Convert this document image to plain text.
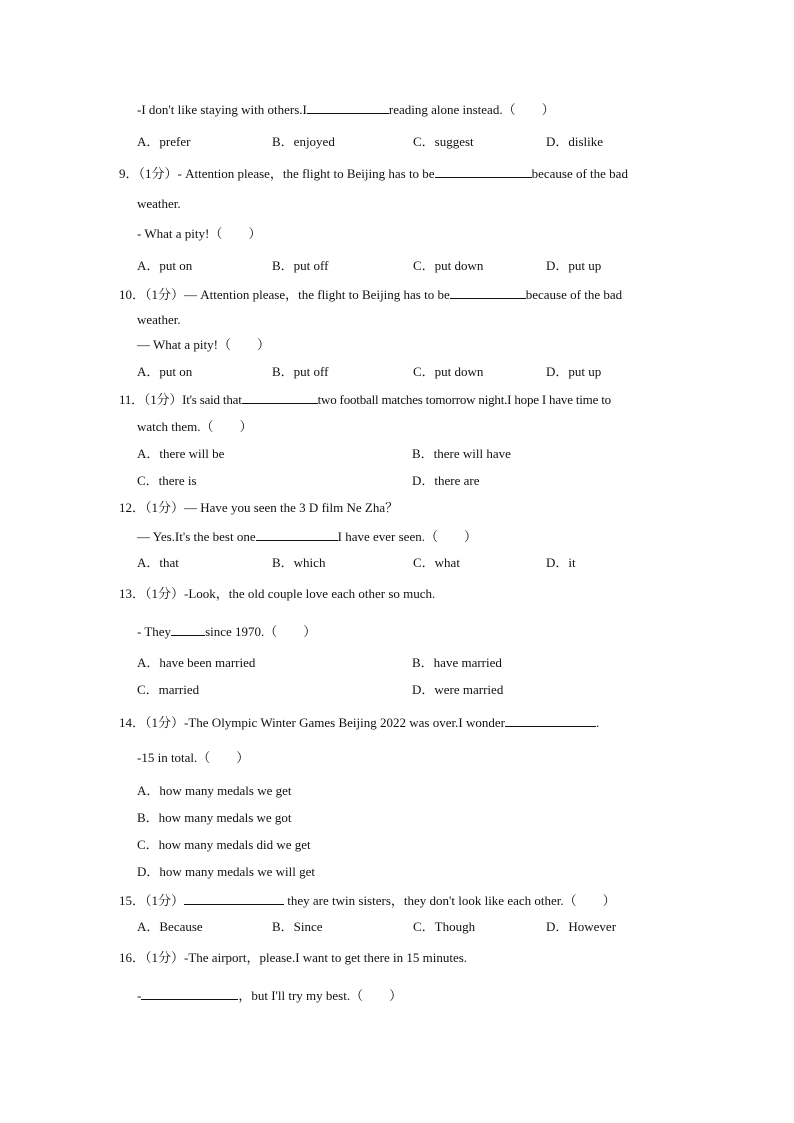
-I don't like staying with others.I	reading alone instead.（　　）
A．prefer	B．enjoyed	C．suggest	D．dislike
9．（1分）- Attention please，the flight to Beijing has to be	because of the bad
weather.
- What a pity!（　　）
A．put on	B．put off	C．put down	D．put up
10．（1分）— Attention please，the flight to Beijing has to be	because of the bad
weather.
— What a pity!（　　）
A．put on	B．put off	C．put down	D．put up
11．（1分）It's said that	two football matches tomorrow night.I hope I have time to
watch them.（　　）
A．there will be	B．there will have
C．there is	D．there are
12．（1分）— Have you seen the 3 D film Ne Zha？
— Yes.It's the best one	I have ever seen.（　　）
A．that	B．which	C．what	D．it
13．（1分）-Look，the old couple love each other so much.
- They	since 1970.（　　）
A．have been married	B．have married
C．married	D．were married
14．（1分）-The Olympic Winter Games Beijing 2022 was over.I wonder	.
-15 in total.（　　）
A．how many medals we get
B．how many medals we got
C．how many medals did we get
D．how many medals we will get
15．（1分）	they are twin sisters，they don't look like each other.（　　）
A．Because	B．Since	C．Though	D．However
16．（1分）-The airport，please.I want to get there in 15 minutes.
-	，but I'll try my best.（　　）
